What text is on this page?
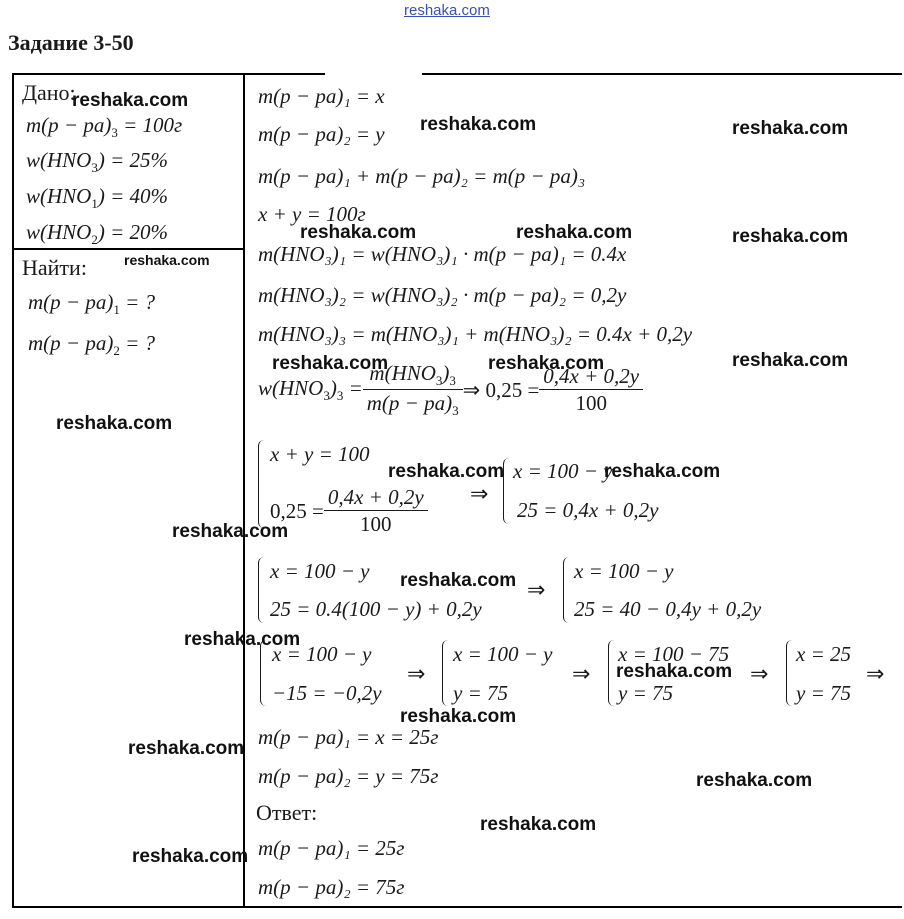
reshaka.com
Задание 3-50
Дано:
$m(p - pa)_3 = 100г$
$w(HNO_3) = 25\%$
$w(HNO_1) = 40\%$
$w(HNO_2) = 20\%$
Найти:
$m(p - pa)_1$ = ?
$m(p - pa)_2$ = ?
m(p − pa)₁ = x
m(p − pa)₂ = y
m(p − pa)₁ + m(p − pa)₂ = m(p − pa)₃
x + y = 100г
m(HNO₃)₁ = w(HNO₃)₁ · m(p − pa)₁ = 0.4x
m(HNO₃)₂ = w(HNO₃)₂ · m(p − pa)₂ = 0,2y
m(HNO₃)₃ = m(HNO₃)₁ + m(HNO₃)₂ = 0.4x + 0,2y
$w(HNO_3)_3 = \frac{m(HNO_3)_3}{m(p - pa)_3}$ ⇒ $0,25 = \frac{0,4x + 0,2y}{100}$
x + y = 100
$0,25 = \frac{0,4x + 0,2y}{100}$ ⇒
x = 100 − y
25 = 0,4x + 0,2y
x = 100 − y
25 = 0.4(100 − y) + 0,2y
⇒
x = 100 − y
25 = 40 − 0,4y + 0,2y
x = 100 − y
−15 = −0,2y
⇒
x = 100 − y
y = 75
⇒
x = 100 − 75
y = 75
⇒
x = 25
y = 75
⇒
m(p − pa)₁ = x = 25г
m(p − pa)₂ = y = 75г
Ответ:
m(p − pa)₁ = 25г
m(p − pa)₂ = 75г
reshaka.com
reshaka.com	reshaka.com
reshaka.com	reshaka.com	reshaka.com
reshaka.com
reshaka.com	reshaka.com	reshaka.com
reshaka.com
reshaka.com	reshaka.com
reshaka.com
reshaka.com
reshaka.com
reshaka.com
reshaka.com
reshaka.com
reshaka.com
reshaka.com
reshaka.com
